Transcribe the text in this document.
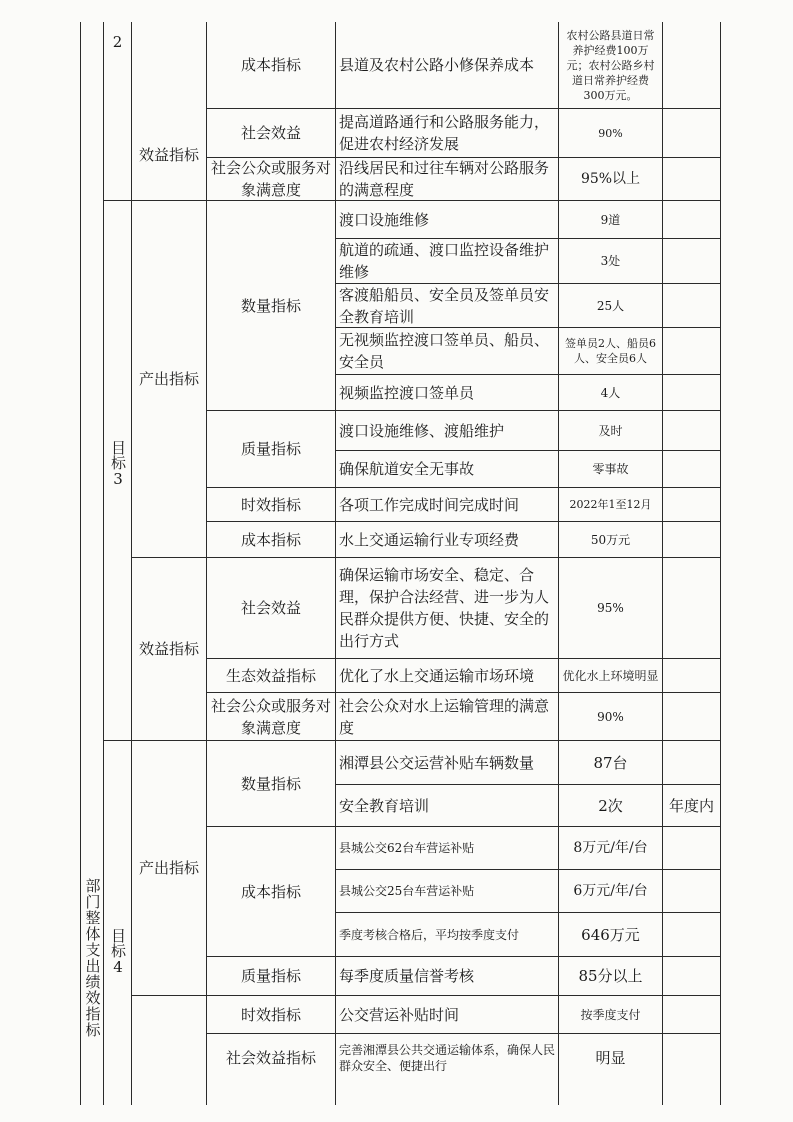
部门整体支出绩效指标
2
目标3
目标4
效益指标
产出指标
效益指标
产出指标
成本指标
社会效益
社会公众或服务对象满意度
数量指标
质量指标
时效指标
成本指标
社会效益
生态效益指标
社会公众或服务对象满意度
数量指标
成本指标
质量指标
时效指标
社会效益指标
县道及农村公路小修保养成本
提高道路通行和公路服务能力，促进农村经济发展
沿线居民和过往车辆对公路服务的满意程度
渡口设施维修
航道的疏通、渡口监控设备维护维修
客渡船船员、安全员及签单员安全教育培训
无视频监控渡口签单员、船员、安全员
视频监控渡口签单员
渡口设施维修、渡船维护
确保航道安全无事故
各项工作完成时间完成时间
水上交通运输行业专项经费
确保运输市场安全、稳定、合理，保护合法经营、进一步为人民群众提供方便、快捷、安全的出行方式
优化了水上交通运输市场环境
社会公众对水上运输管理的满意度
湘潭县公交运营补贴车辆数量
安全教育培训
县城公交62台车营运补贴
县城公交25台车营运补贴
季度考核合格后，平均按季度支付
每季度质量信誉考核
公交营运补贴时间
完善湘潭县公共交通运输体系，确保人民群众安全、便捷出行
农村公路县道日常养护经费100万元；农村公路乡村道日常养护经费300万元。
90%
95%以上
9道
3处
25人
签单员2人、船员6人、安全员6人
4人
及时
零事故
2022年1至12月
50万元
95%
优化水上环境明显
90%
87台
2次
8万元/年/台
6万元/年/台
646万元
85分以上
按季度支付
明显
年度内
